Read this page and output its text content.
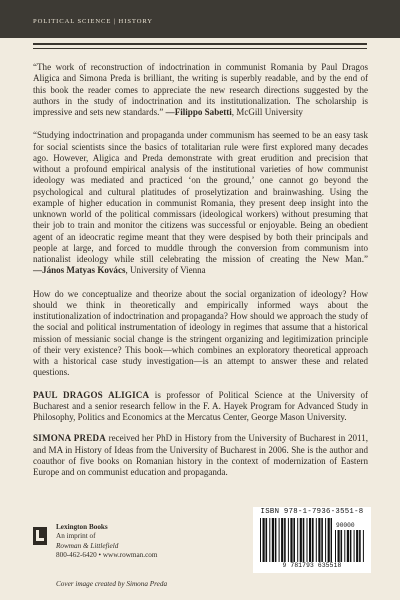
POLITICAL SCIENCE | HISTORY

“The work of reconstruction of indoctrination in communist Romania by Paul Dragos Aligica and Simona Preda is brilliant, the writing is superbly readable, and by the end of this book the reader comes to appreciate the new research directions suggested by the authors in the study of indoctrination and its institutionalization. The scholarship is impressive and sets new standards.” —Filippo Sabetti, McGill University

“Studying indoctrination and propaganda under communism has seemed to be an easy task for social scientists since the basics of totalitarian rule were first explored many decades ago. However, Aligica and Preda demonstrate with great erudition and precision that without a profound empirical analysis of the institutional varieties of how communist ideology was mediated and practiced ‘on the ground,’ one cannot go beyond the psychological and cultural platitudes of proselytization and brainwashing. Using the example of higher education in communist Romania, they present deep insight into the unknown world of the political commissars (ideological workers) without presuming that their job to train and monitor the citizens was successful or enjoyable. Being an obedient agent of an ideocratic regime meant that they were despised by both their principals and people at large, and forced to muddle through the conversion from communism into nationalist ideology while still celebrating the mission of creating the New Man.” —János Matyas Kovács, University of Vienna

How do we conceptualize and theorize about the social organization of ideology? How should we think in theoretically and empirically informed ways about the institutionalization of indoctrination and propaganda? How should we approach the study of the social and political instrumentation of ideology in regimes that assume that a historical mission of messianic social change is the stringent organizing and legitimization principle of their very existence? This book—which combines an exploratory theoretical approach with a historical case study investigation—is an attempt to answer these and related questions.

PAUL DRAGOS ALIGICA is professor of Political Science at the University of Bucharest and a senior research fellow in the F. A. Hayek Program for Advanced Study in Philosophy, Politics and Economics at the Mercatus Center, George Mason University.

SIMONA PREDA received her PhD in History from the University of Bucharest in 2011, and MA in History of Ideas from the University of Bucharest in 2006. She is the author and coauthor of five books on Romanian history in the context of modernization of Eastern Europe and on communist education and propaganda.

Lexington Books
An imprint of
Rowman & Littlefield
800-462-6420 • www.rowman.com
Cover image created by Simona Preda
ISBN 978-1-7936-3551-8
90000
9 781793 635518
